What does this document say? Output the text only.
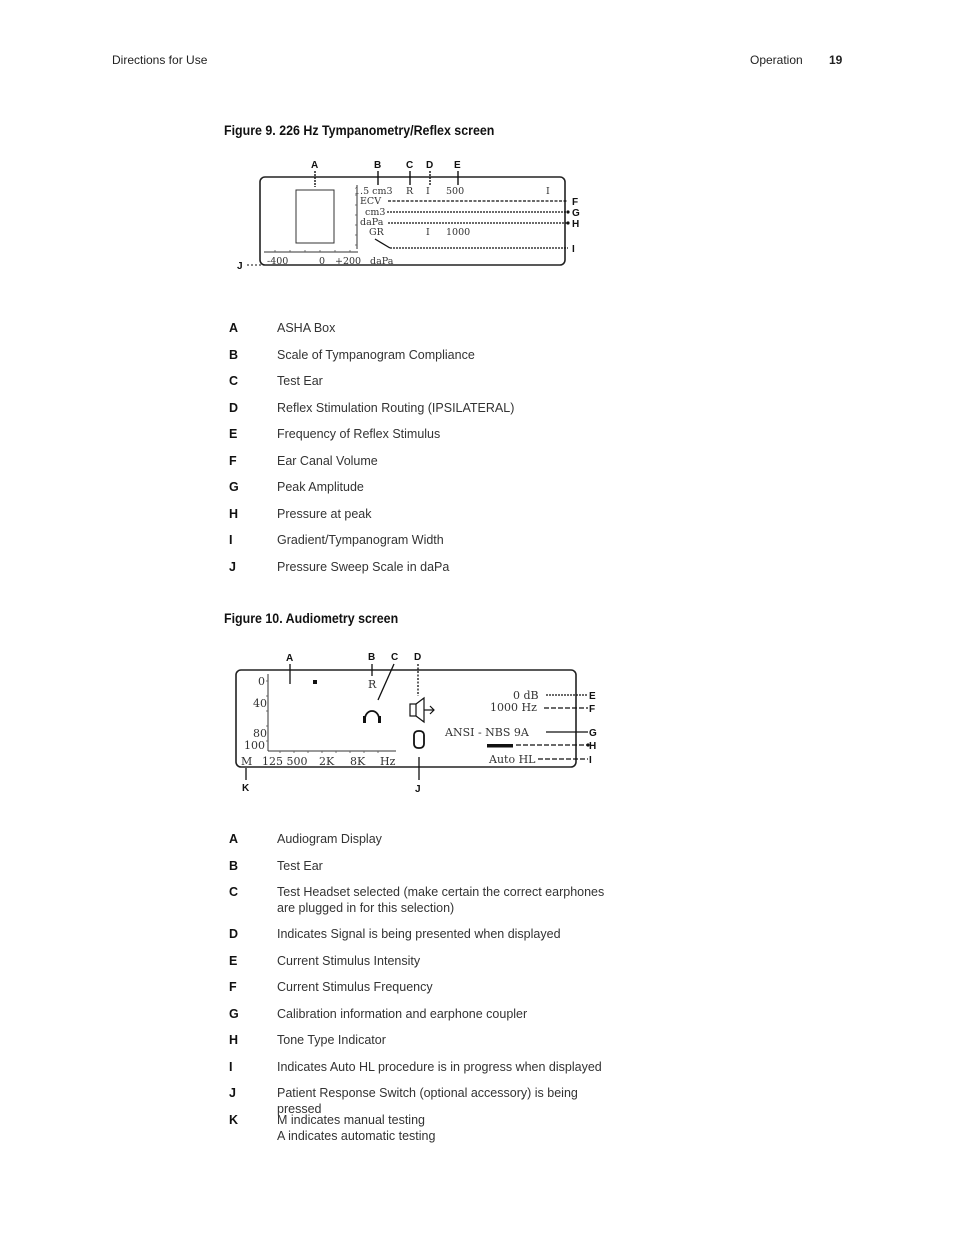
Directions for Use	Operation 19
Figure 9. 226 Hz Tympanometry/Reflex screen
1.5 cm3 R I 500	I
ECV
cm3
daPa
GR	I 1000
-400	0 +200 daPa
A	B C D E
F
G
H
I
J
A	ASHA Box
B	Scale of Tympanogram Compliance
C	Test Ear
D	Reflex Stimulation Routing (IPSILATERAL)
E	Frequency of Reflex Stimulus
F	Ear Canal Volume
G	Peak Amplitude
H	Pressure at peak
I	Gradient/Tympanogram Width
J	Pressure Sweep Scale in daPa
Figure 10. Audiometry screen
0
40
80
100
R
0 dB
1000 Hz
ANSI - NBS 9A
Auto HL
M 125 500 2K 8K Hz
A	B C D
E
F
G
H
I
J
K
A	Audiogram Display
B	Test Ear
C	Test Headset selected (make certain the correct earphones are plugged in for this selection)
D	Indicates Signal is being presented when displayed
E	Current Stimulus Intensity
F	Current Stimulus Frequency
G	Calibration information and earphone coupler
H	Tone Type Indicator
I	Indicates Auto HL procedure is in progress when displayed
J	Patient Response Switch (optional accessory) is being pressed
K	M indicates manual testing
A indicates automatic testing
